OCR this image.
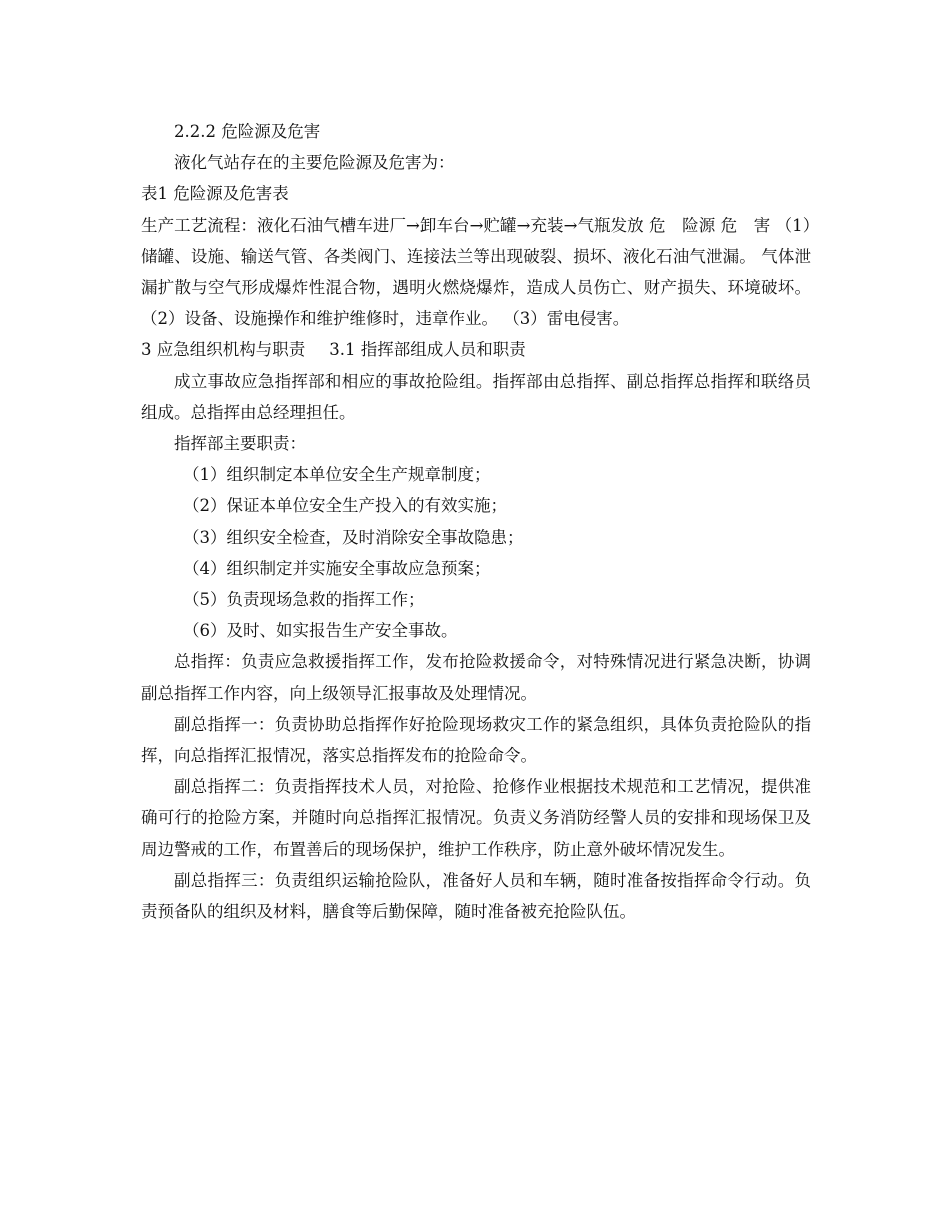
2.2.2 危险源及危害

液化气站存在的主要危险源及危害为：

表1 危险源及危害表

生产工艺流程：液化石油气槽车进厂→卸车台→贮罐→充装→气瓶发放 危　险源 危　害 （1）储罐、设施、输送气管、各类阀门、连接法兰等出现破裂、损坏、液化石油气泄漏。 气体泄漏扩散与空气形成爆炸性混合物，遇明火燃烧爆炸，造成人员伤亡、财产损失、环境破坏。 （2）设备、设施操作和维护维修时，违章作业。 （3）雷电侵害。

3 应急组织机构与职责 3.1 指挥部组成人员和职责

成立事故应急指挥部和相应的事故抢险组。指挥部由总指挥、副总指挥总指挥和联络员组成。总指挥由总经理担任。

指挥部主要职责：

（1）组织制定本单位安全生产规章制度；

（2）保证本单位安全生产投入的有效实施；

（3）组织安全检查，及时消除安全事故隐患；

（4）组织制定并实施安全事故应急预案；

（5）负责现场急救的指挥工作；

（6）及时、如实报告生产安全事故。

总指挥：负责应急救援指挥工作，发布抢险救援命令，对特殊情况进行紧急决断，协调副总指挥工作内容，向上级领导汇报事故及处理情况。

副总指挥一：负责协助总指挥作好抢险现场救灾工作的紧急组织，具体负责抢险队的指挥，向总指挥汇报情况，落实总指挥发布的抢险命令。

副总指挥二：负责指挥技术人员，对抢险、抢修作业根据技术规范和工艺情况，提供准确可行的抢险方案，并随时向总指挥汇报情况。负责义务消防经警人员的安排和现场保卫及周边警戒的工作，布置善后的现场保护，维护工作秩序，防止意外破坏情况发生。

副总指挥三：负责组织运输抢险队，准备好人员和车辆，随时准备按指挥命令行动。负责预备队的组织及材料，膳食等后勤保障，随时准备被充抢险队伍。
